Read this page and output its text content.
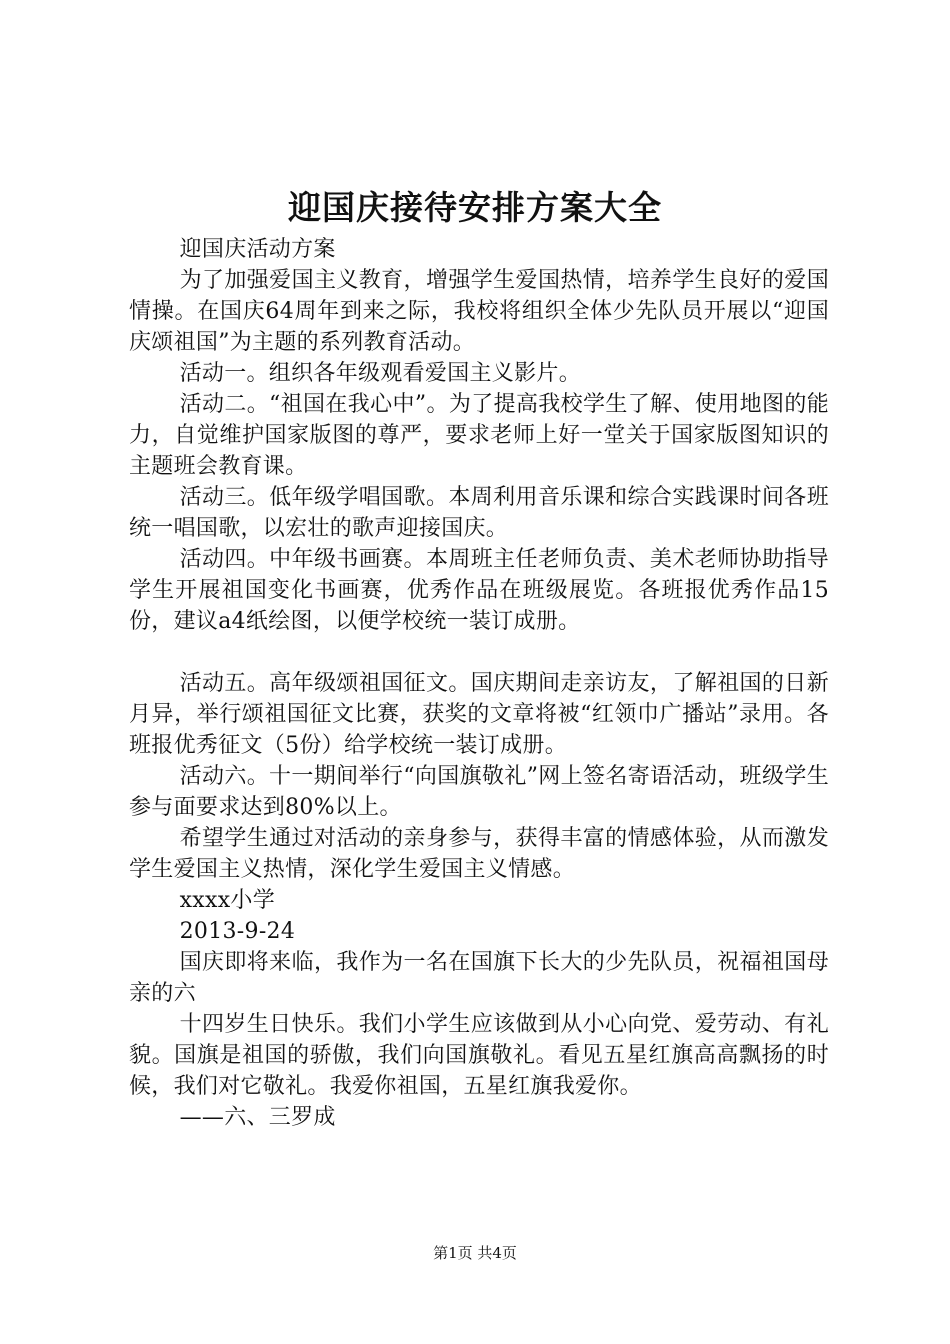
迎国庆接待安排方案大全

迎国庆活动方案

为了加强爱国主义教育，增强学生爱国热情，培养学生良好的爱国情操。在国庆64周年到来之际，我校将组织全体少先队员开展以“迎国庆颂祖国”为主题的系列教育活动。

活动一。组织各年级观看爱国主义影片。

活动二。“祖国在我心中”。为了提高我校学生了解、使用地图的能力，自觉维护国家版图的尊严，要求老师上好一堂关于国家版图知识的主题班会教育课。

活动三。低年级学唱国歌。本周利用音乐课和综合实践课时间各班统一唱国歌，以宏壮的歌声迎接国庆。

活动四。中年级书画赛。本周班主任老师负责、美术老师协助指导学生开展祖国变化书画赛，优秀作品在班级展览。各班报优秀作品15份，建议a4纸绘图，以便学校统一装订成册。

活动五。高年级颂祖国征文。国庆期间走亲访友，了解祖国的日新月异，举行颂祖国征文比赛，获奖的文章将被“红领巾广播站”录用。各班报优秀征文（5份）给学校统一装订成册。

活动六。十一期间举行“向国旗敬礼”网上签名寄语活动，班级学生参与面要求达到80%以上。

希望学生通过对活动的亲身参与，获得丰富的情感体验，从而激发学生爱国主义热情，深化学生爱国主义情感。

xxxx小学

2013-9-24

国庆即将来临，我作为一名在国旗下长大的少先队员，祝福祖国母亲的六

十四岁生日快乐。我们小学生应该做到从小心向党、爱劳动、有礼貌。国旗是祖国的骄傲，我们向国旗敬礼。看见五星红旗高高飘扬的时候，我们对它敬礼。我爱你祖国，五星红旗我爱你。

——六、三罗成

第1页 共4页
